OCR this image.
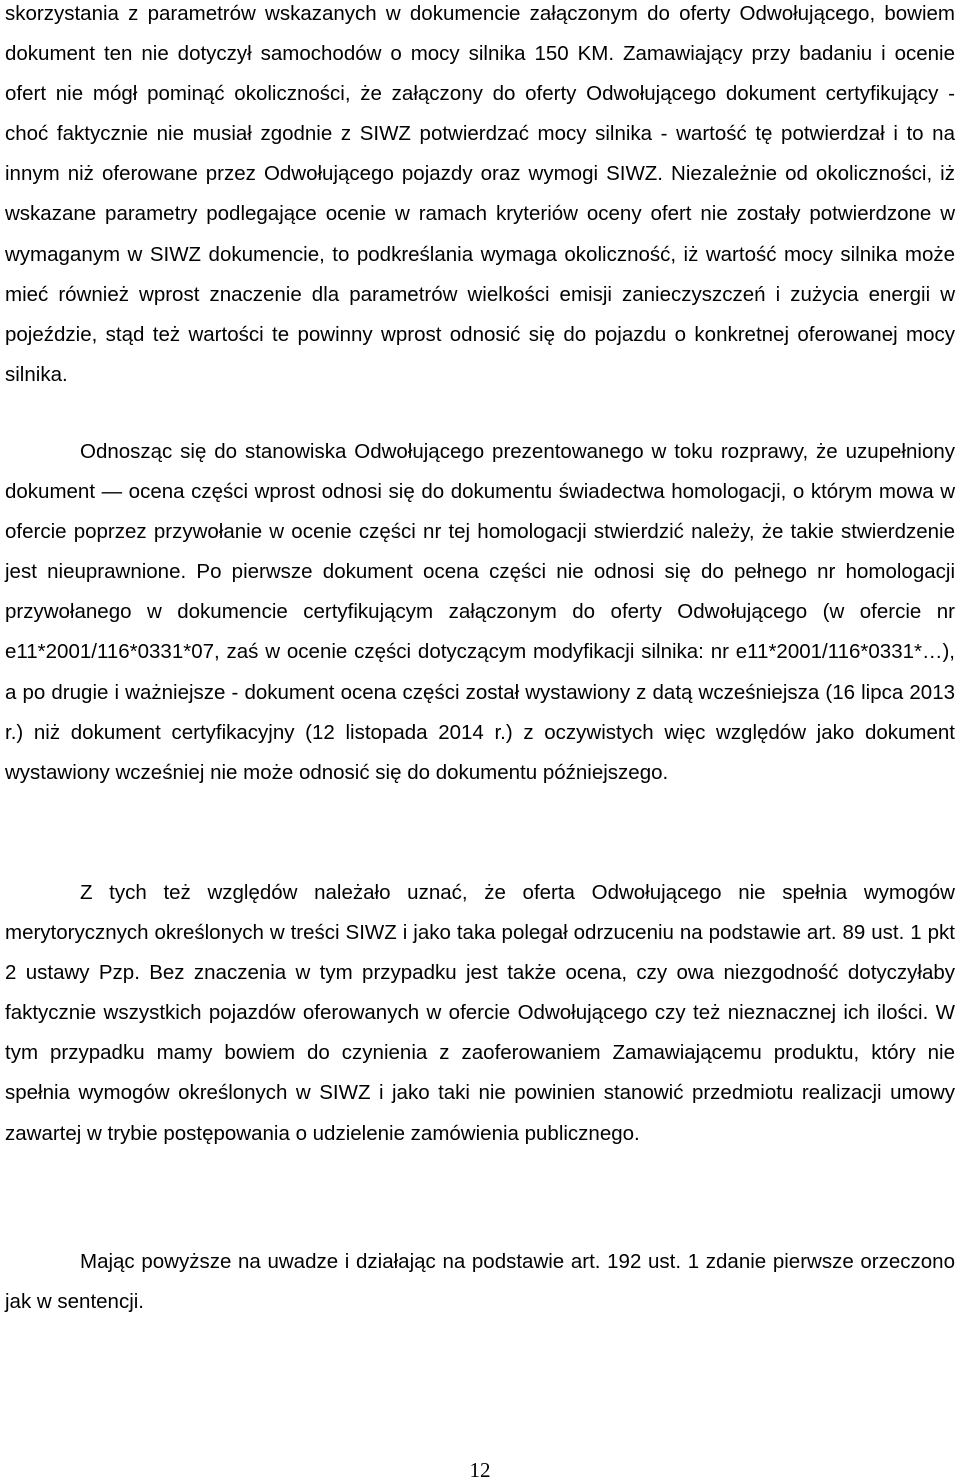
skorzystania z parametrów wskazanych w dokumencie załączonym do oferty Odwołującego, bowiem dokument ten nie dotyczył samochodów o mocy silnika 150 KM. Zamawiający przy badaniu i ocenie ofert nie mógł pominąć okoliczności, że załączony do oferty Odwołującego dokument certyfikujący - choć faktycznie nie musiał zgodnie z SIWZ potwierdzać mocy silnika - wartość tę potwierdzał i to na innym niż oferowane przez Odwołującego pojazdy oraz wymogi SIWZ. Niezależnie od okoliczności, iż wskazane parametry podlegające ocenie w ramach kryteriów oceny ofert nie zostały potwierdzone w wymaganym w SIWZ dokumencie, to podkreślania wymaga okoliczność, iż wartość mocy silnika może mieć również wprost znaczenie dla parametrów wielkości emisji zanieczyszczeń i zużycia energii w pojeździe, stąd też wartości te powinny wprost odnosić się do pojazdu o konkretnej oferowanej mocy silnika.

Odnosząc się do stanowiska Odwołującego prezentowanego w toku rozprawy, że uzupełniony dokument — ocena części wprost odnosi się do dokumentu świadectwa homologacji, o którym mowa w ofercie poprzez przywołanie w ocenie części nr tej homologacji stwierdzić należy, że takie stwierdzenie jest nieuprawnione. Po pierwsze dokument ocena części nie odnosi się do pełnego nr homologacji przywołanego w dokumencie certyfikującym załączonym do oferty Odwołującego (w ofercie nr e11*2001/116*0331*07, zaś w ocenie części dotyczącym modyfikacji silnika: nr e11*2001/116*0331*…), a po drugie i ważniejsze - dokument ocena części został wystawiony z datą wcześniejsza (16 lipca 2013 r.) niż dokument certyfikacyjny (12 listopada 2014 r.) z oczywistych więc względów jako dokument wystawiony wcześniej nie może odnosić się do dokumentu późniejszego.

Z tych też względów należało uznać, że oferta Odwołującego nie spełnia wymogów merytorycznych określonych w treści SIWZ i jako taka polegał odrzuceniu na podstawie art. 89 ust. 1 pkt 2 ustawy Pzp. Bez znaczenia w tym przypadku jest także ocena, czy owa niezgodność dotyczyłaby faktycznie wszystkich pojazdów oferowanych w ofercie Odwołującego czy też nieznacznej ich ilości. W tym przypadku mamy bowiem do czynienia z zaoferowaniem Zamawiającemu produktu, który nie spełnia wymogów określonych w SIWZ i jako taki nie powinien stanowić przedmiotu realizacji umowy zawartej w trybie postępowania o udzielenie zamówienia publicznego.

Mając powyższe na uwadze i działając na podstawie art. 192 ust. 1 zdanie pierwsze orzeczono jak w sentencji.

12
